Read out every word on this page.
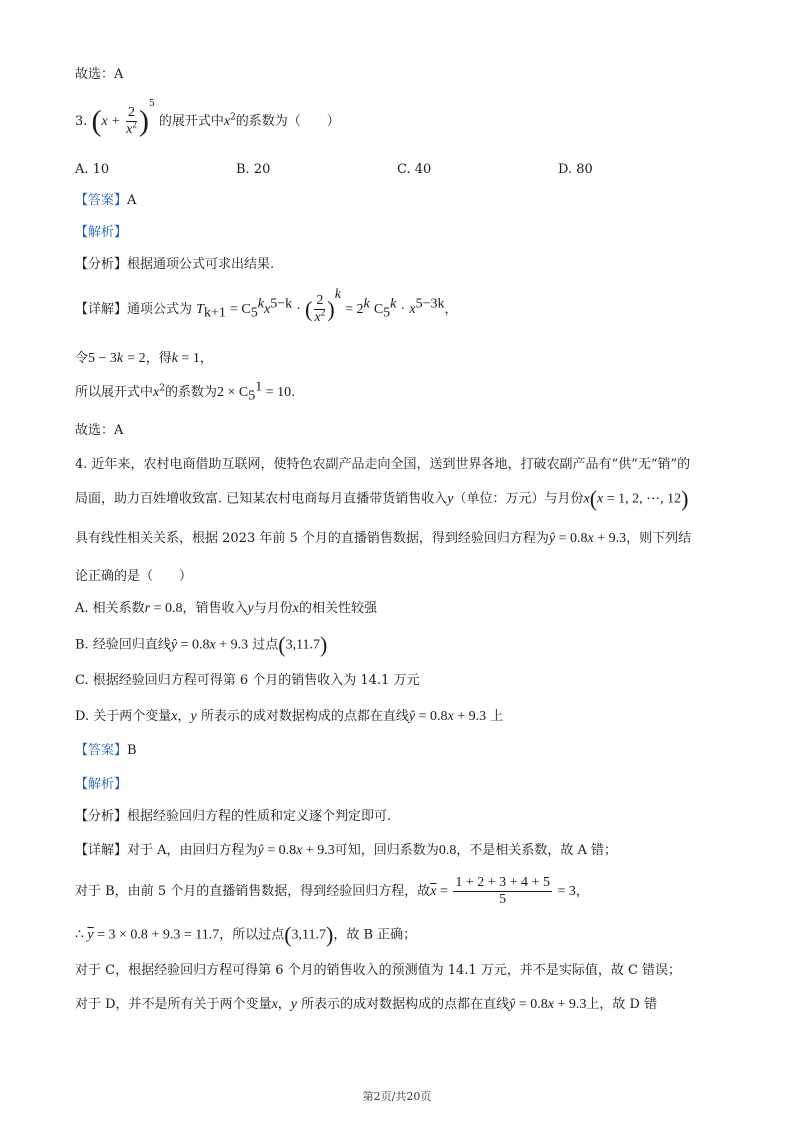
故选：A
3. $(x + \frac{2}{x^2} )^5$ 的展开式中$x^2$的系数为（　　）
A. 10	B. 20	C. 40	D. 80
【答案】A
【解析】
【分析】根据通项公式可求出结果.
【详解】通项公式为 $T_{k+1} = C_5^kx^{5-k}$ · ( $\frac{2}{x^2} )^k = 2^k$ $C_5^k \cdot x^{5-3k}$，
令5 − 3k = 2，得k = 1，
所以展开式中$x^2$的系数为$2 \times C_5^1 = 10$.
故选：A
4. 近年来，农村电商借助互联网，使特色农副产品走向全国，送到世界各地，打破农副产品有“供”无“销”的
局面，助力百姓增收致富. 已知某农村电商每月直播带货销售收入y（单位：万元）与月份x(x = 1, 2, ⋯, 12)
具有线性相关关系，根据 2023 年前 5 个月的直播销售数据，得到经验回归方程为ŷ = 0.8x + 9.3，则下列结
论正确的是（　　）
A. 相关系数r = 0.8，销售收入y与月份x的相关性较强
B. 经验回归直线ŷ = 0.8x + 9.3 过点(3,11.7)
C. 根据经验回归方程可得第 6 个月的销售收入为 14.1 万元
D. 关于两个变量x，y 所表示的成对数据构成的点都在直线ŷ = 0.8x + 9.3 上
【答案】B
【解析】
【分析】根据经验回归方程的性质和定义逐个判定即可.
【详解】对于 A，由回归方程为ŷ = 0.8x + 9.3可知，回归系数为0.8，不是相关系数，故 A 错；
对于 B，由前 5 个月的直播销售数据，得到经验回归方程，故$\overline{x} = \frac{1 + 2 + 3 + 4 + 5}{5} = 3$，
∴ $\overline{y} = 3 \times 0.8 + 9.3 = 11.7$，所以过点(3,11.7)，故 B 正确；
对于 C，根据经验回归方程可得第 6 个月的销售收入的预测值为 14.1 万元，并不是实际值，故 C 错误；
对于 D，并不是所有关于两个变量x，y 所表示的成对数据构成的点都在直线ŷ = 0.8x + 9.3上，故 D 错
第2页/共20页
